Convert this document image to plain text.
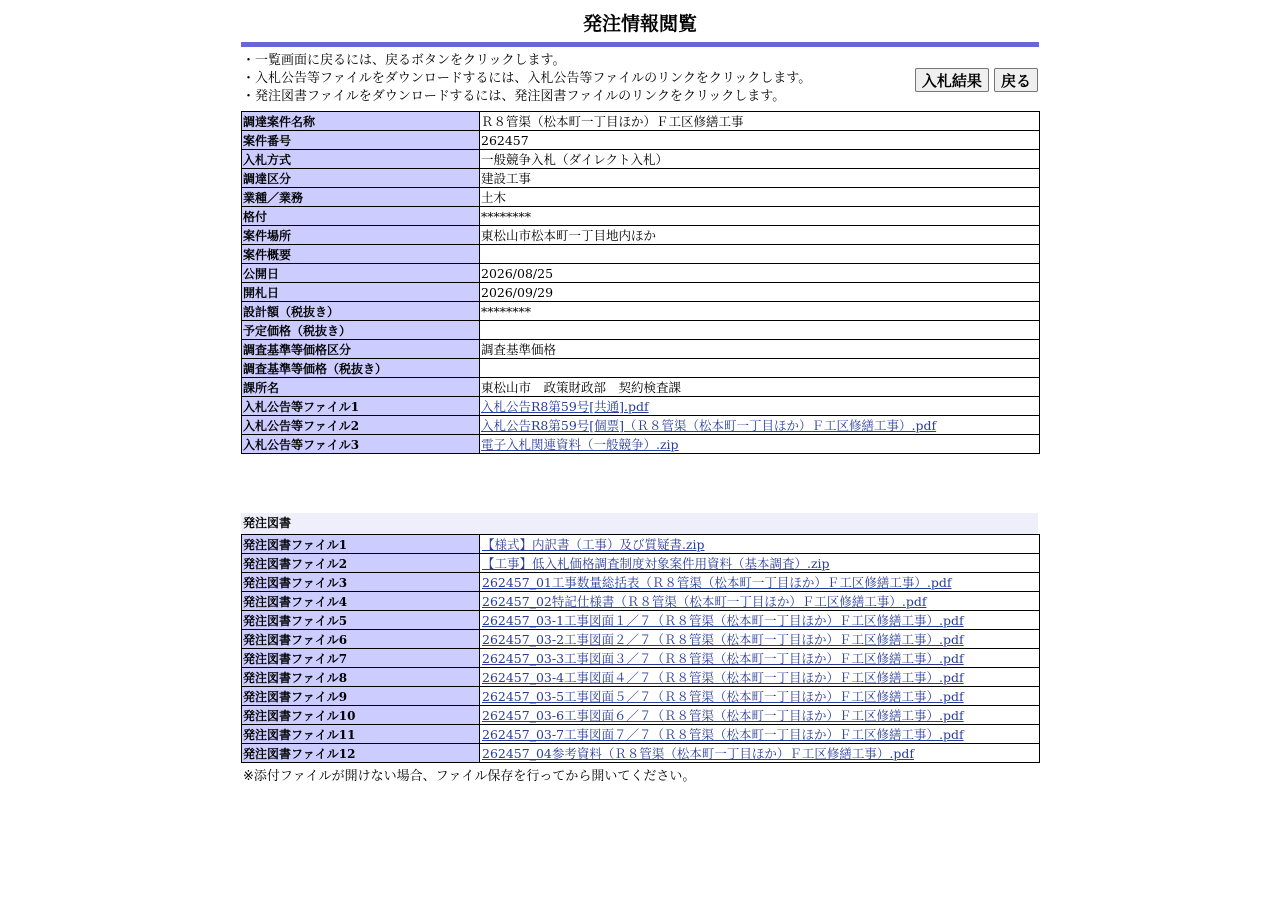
発注情報閲覧
・一覧画面に戻るには、戻るボタンをクリックします。
・入札公告等ファイルをダウンロードするには、入札公告等ファイルのリンクをクリックします。
・発注図書ファイルをダウンロードするには、発注図書ファイルのリンクをクリックします。
入札結果 戻る
調達案件名称	Ｒ８管渠（松本町一丁目ほか）Ｆ工区修繕工事
案件番号	262457
入札方式	一般競争入札（ダイレクト入札）
調達区分	建設工事
業種／業務	土木
格付	********
案件場所	東松山市松本町一丁目地内ほか
案件概要	
公開日	2026/08/25
開札日	2026/09/29
設計額（税抜き）	********
予定価格（税抜き）	
調査基準等価格区分	調査基準価格
調査基準等価格（税抜き）	
課所名	東松山市　政策財政部　契約検査課
入札公告等ファイル1	入札公告R8第59号[共通].pdf
入札公告等ファイル2	入札公告R8第59号[個票]（Ｒ８管渠（松本町一丁目ほか）Ｆ工区修繕工事）.pdf
入札公告等ファイル3	電子入札関連資料（一般競争）.zip
発注図書
発注図書ファイル1	【様式】内訳書（工事）及び質疑書.zip
発注図書ファイル2	【工事】低入札価格調査制度対象案件用資料（基本調査）.zip
発注図書ファイル3	262457_01工事数量総括表（Ｒ８管渠（松本町一丁目ほか）Ｆ工区修繕工事）.pdf
発注図書ファイル4	262457_02特記仕様書（Ｒ８管渠（松本町一丁目ほか）Ｆ工区修繕工事）.pdf
発注図書ファイル5	262457_03-1工事図面１／７（Ｒ８管渠（松本町一丁目ほか）Ｆ工区修繕工事）.pdf
発注図書ファイル6	262457_03-2工事図面２／７（Ｒ８管渠（松本町一丁目ほか）Ｆ工区修繕工事）.pdf
発注図書ファイル7	262457_03-3工事図面３／７（Ｒ８管渠（松本町一丁目ほか）Ｆ工区修繕工事）.pdf
発注図書ファイル8	262457_03-4工事図面４／７（Ｒ８管渠（松本町一丁目ほか）Ｆ工区修繕工事）.pdf
発注図書ファイル9	262457_03-5工事図面５／７（Ｒ８管渠（松本町一丁目ほか）Ｆ工区修繕工事）.pdf
発注図書ファイル10	262457_03-6工事図面６／７（Ｒ８管渠（松本町一丁目ほか）Ｆ工区修繕工事）.pdf
発注図書ファイル11	262457_03-7工事図面７／７（Ｒ８管渠（松本町一丁目ほか）Ｆ工区修繕工事）.pdf
発注図書ファイル12	262457_04参考資料（Ｒ８管渠（松本町一丁目ほか）Ｆ工区修繕工事）.pdf
※添付ファイルが開けない場合、ファイル保存を行ってから開いてください。
